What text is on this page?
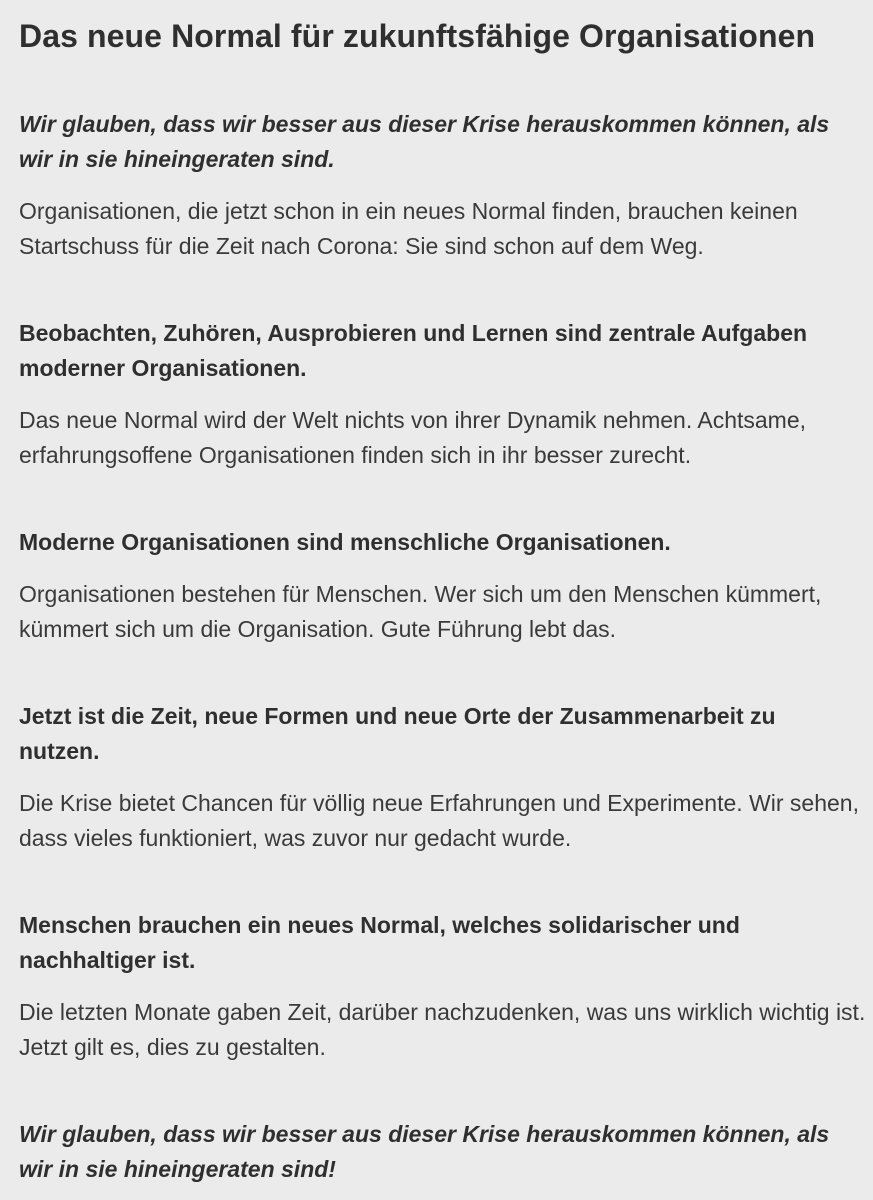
Das neue Normal für zukunftsfähige Organisationen

Wir glauben, dass wir besser aus dieser Krise herauskommen können, als wir in sie hineingeraten sind.

Organisationen, die jetzt schon in ein neues Normal finden, brauchen keinen Startschuss für die Zeit nach Corona: Sie sind schon auf dem Weg.

Beobachten, Zuhören, Ausprobieren und Lernen sind zentrale Aufgaben moderner Organisationen.

Das neue Normal wird der Welt nichts von ihrer Dynamik nehmen. Achtsame, erfahrungsoffene Organisationen finden sich in ihr besser zurecht.

Moderne Organisationen sind menschliche Organisationen.

Organisationen bestehen für Menschen. Wer sich um den Menschen kümmert, kümmert sich um die Organisation. Gute Führung lebt das.

Jetzt ist die Zeit, neue Formen und neue Orte der Zusammenarbeit zu nutzen.

Die Krise bietet Chancen für völlig neue Erfahrungen und Experimente. Wir sehen, dass vieles funktioniert, was zuvor nur gedacht wurde.

Menschen brauchen ein neues Normal, welches solidarischer und nachhaltiger ist.

Die letzten Monate gaben Zeit, darüber nachzudenken, was uns wirklich wichtig ist. Jetzt gilt es, dies zu gestalten.

Wir glauben, dass wir besser aus dieser Krise herauskommen können, als wir in sie hineingeraten sind!
